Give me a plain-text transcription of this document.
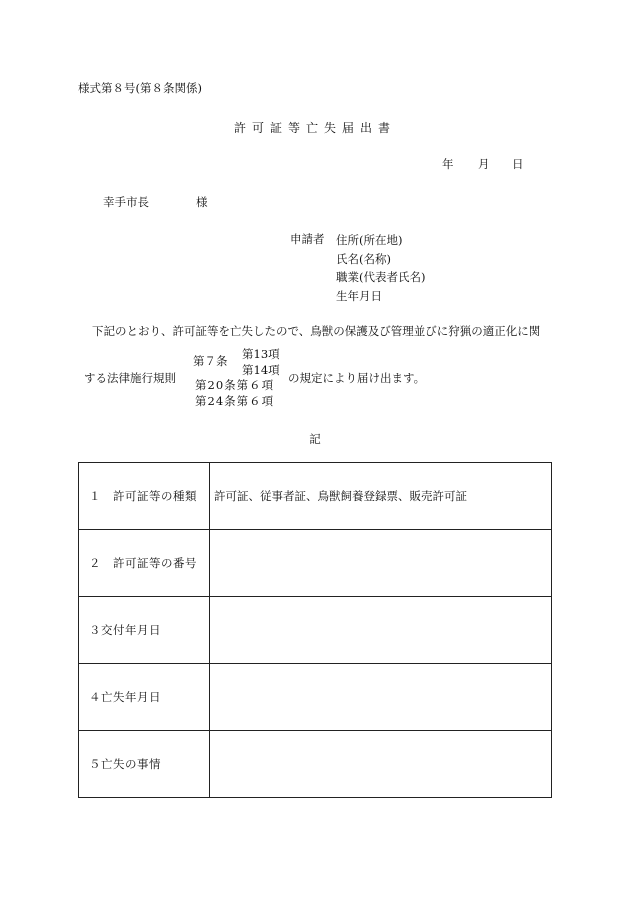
様式第８号(第８条関係)
許可証等亡失届出書
年 月 日
幸手市長	様
申請者 住所(所在地)
氏名(名称)
職業(代表者氏名)
生年月日
下記のとおり、許可証等を亡失したので、鳥獣の保護及び管理並びに狩猟の適正化に関
する法律施行規則
第７条 第13項
第14項
第20条第６項
第24条第６項
の規定により届け出ます。
記
１　許可証等の種類	許可証、従事者証、鳥獣飼養登録票、販売許可証
２　許可証等の番号	
３交付年月日	
４亡失年月日	
５亡失の事情	
